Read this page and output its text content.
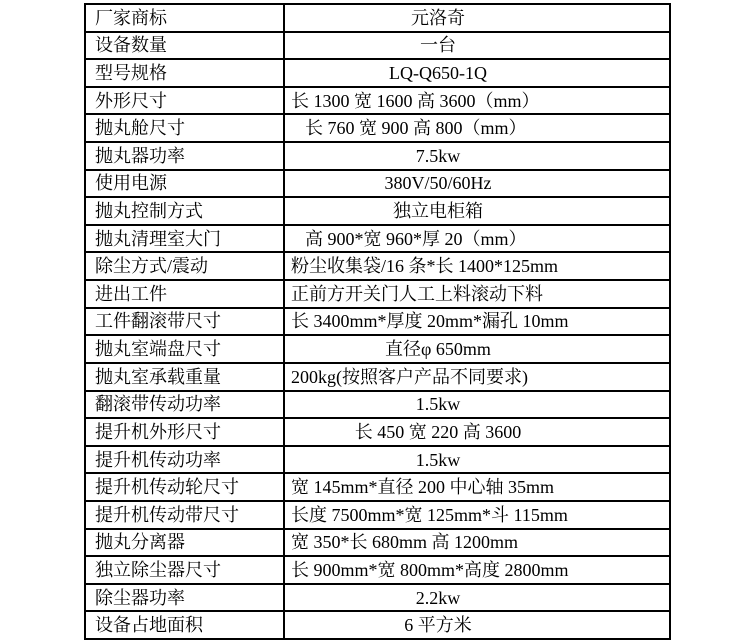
厂家商标	元洛奇
设备数量	一台
型号规格	LQ-Q650-1Q
外形尺寸	长 1300 宽 1600 高 3600（mm）
抛丸舱尺寸	长 760 宽 900 高 800（mm）
抛丸器功率	7.5kw
使用电源	380V/50/60Hz
抛丸控制方式	独立电柜箱
抛丸清理室大门	高 900*宽 960*厚 20（mm）
除尘方式/震动	粉尘收集袋/16 条*长 1400*125mm
进出工件	正前方开关门人工上料滚动下料
工件翻滚带尺寸	长 3400mm*厚度 20mm*漏孔 10mm
抛丸室端盘尺寸	直径φ 650mm
抛丸室承载重量	200kg(按照客户产品不同要求)
翻滚带传动功率	1.5kw
提升机外形尺寸	长 450 宽 220 高 3600
提升机传动功率	1.5kw
提升机传动轮尺寸	宽 145mm*直径 200 中心轴 35mm
提升机传动带尺寸	长度 7500mm*宽 125mm*斗 115mm
抛丸分离器	宽 350*长 680mm 高 1200mm
独立除尘器尺寸	长 900mm*宽 800mm*高度 2800mm
除尘器功率	2.2kw
设备占地面积	6 平方米
